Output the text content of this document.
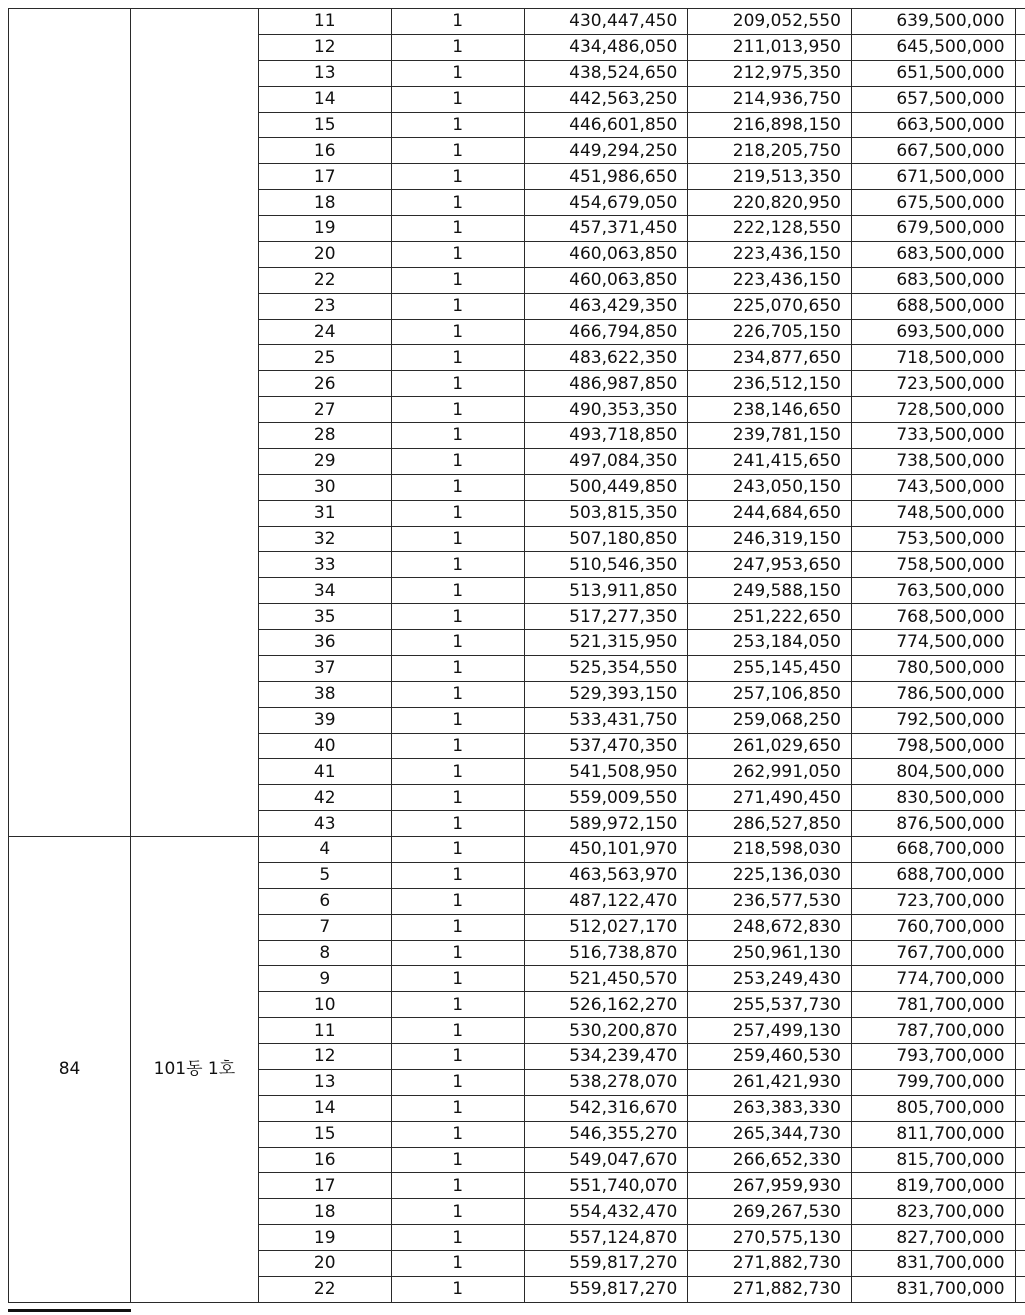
		11	1	430,447,450	209,052,550	639,500,000	
		12	1	434,486,050	211,013,950	645,500,000	
		13	1	438,524,650	212,975,350	651,500,000	
		14	1	442,563,250	214,936,750	657,500,000	
		15	1	446,601,850	216,898,150	663,500,000	
		16	1	449,294,250	218,205,750	667,500,000	
		17	1	451,986,650	219,513,350	671,500,000	
		18	1	454,679,050	220,820,950	675,500,000	
		19	1	457,371,450	222,128,550	679,500,000	
		20	1	460,063,850	223,436,150	683,500,000	
		22	1	460,063,850	223,436,150	683,500,000	
		23	1	463,429,350	225,070,650	688,500,000	
		24	1	466,794,850	226,705,150	693,500,000	
		25	1	483,622,350	234,877,650	718,500,000	
		26	1	486,987,850	236,512,150	723,500,000	
		27	1	490,353,350	238,146,650	728,500,000	
		28	1	493,718,850	239,781,150	733,500,000	
		29	1	497,084,350	241,415,650	738,500,000	
		30	1	500,449,850	243,050,150	743,500,000	
		31	1	503,815,350	244,684,650	748,500,000	
		32	1	507,180,850	246,319,150	753,500,000	
		33	1	510,546,350	247,953,650	758,500,000	
		34	1	513,911,850	249,588,150	763,500,000	
		35	1	517,277,350	251,222,650	768,500,000	
		36	1	521,315,950	253,184,050	774,500,000	
		37	1	525,354,550	255,145,450	780,500,000	
		38	1	529,393,150	257,106,850	786,500,000	
		39	1	533,431,750	259,068,250	792,500,000	
		40	1	537,470,350	261,029,650	798,500,000	
		41	1	541,508,950	262,991,050	804,500,000	
		42	1	559,009,550	271,490,450	830,500,000	
		43	1	589,972,150	286,527,850	876,500,000	
84	101동 1호	4	1	450,101,970	218,598,030	668,700,000	
		5	1	463,563,970	225,136,030	688,700,000	
		6	1	487,122,470	236,577,530	723,700,000	
		7	1	512,027,170	248,672,830	760,700,000	
		8	1	516,738,870	250,961,130	767,700,000	
		9	1	521,450,570	253,249,430	774,700,000	
		10	1	526,162,270	255,537,730	781,700,000	
		11	1	530,200,870	257,499,130	787,700,000	
		12	1	534,239,470	259,460,530	793,700,000	
		13	1	538,278,070	261,421,930	799,700,000	
		14	1	542,316,670	263,383,330	805,700,000	
		15	1	546,355,270	265,344,730	811,700,000	
		16	1	549,047,670	266,652,330	815,700,000	
		17	1	551,740,070	267,959,930	819,700,000	
		18	1	554,432,470	269,267,530	823,700,000	
		19	1	557,124,870	270,575,130	827,700,000	
		20	1	559,817,270	271,882,730	831,700,000	
		22	1	559,817,270	271,882,730	831,700,000	
